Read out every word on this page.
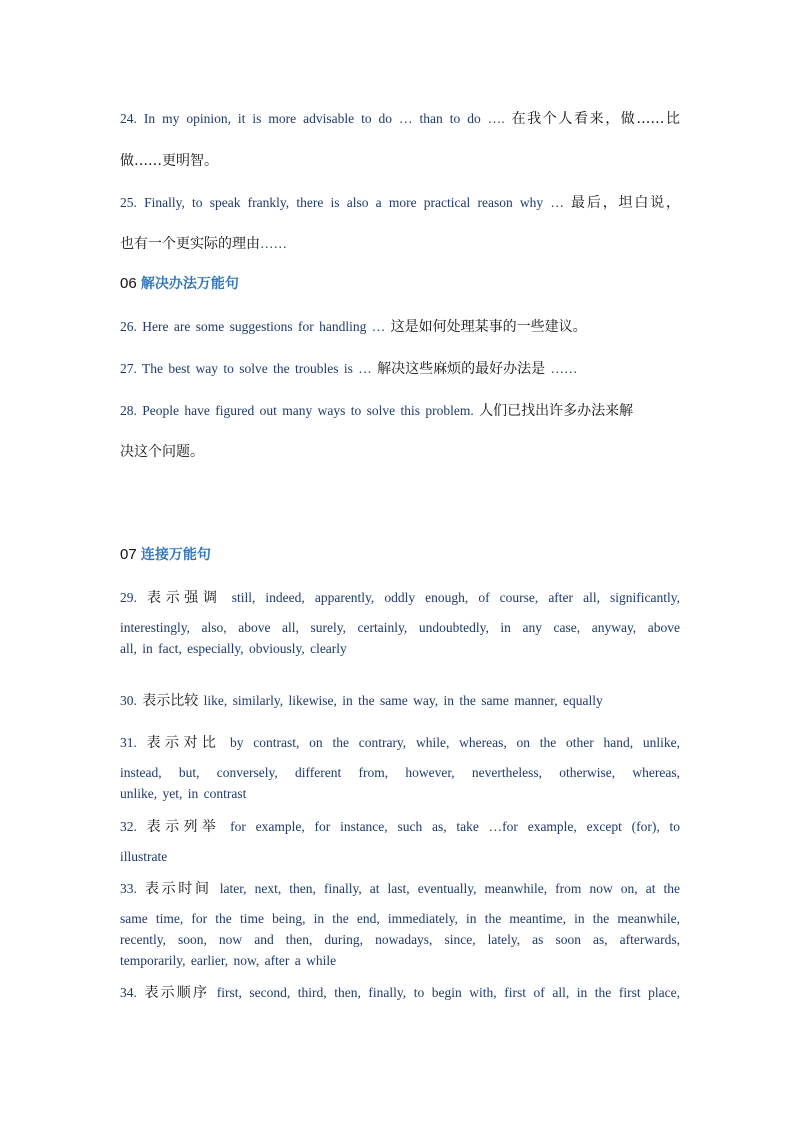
24. In my opinion, it is more advisable to do … than to do …. 在我个人看来，做……比
做……更明智。
25. Finally, to speak frankly, there is also a more practical reason why … 最后，坦白说，
也有一个更实际的理由……
06 解决办法万能句
26. Here are some suggestions for handling … 这是如何处理某事的一些建议。
27. The best way to solve the troubles is … 解决这些麻烦的最好办法是 ……
28. People have figured out many ways to solve this problem. 人们已找出许多办法来解
决这个问题。
07 连接万能句
29. 表示强调 still, indeed, apparently, oddly enough, of course, after all, significantly,
interestingly, also, above all, surely, certainly, undoubtedly, in any case, anyway, above
all, in fact, especially, obviously, clearly
30. 表示比较 like, similarly, likewise, in the same way, in the same manner, equally
31. 表示对比 by contrast, on the contrary, while, whereas, on the other hand, unlike,
instead, but, conversely, different from, however, nevertheless, otherwise, whereas,
unlike, yet, in contrast
32. 表示列举 for example, for instance, such as, take …for example, except (for), to
illustrate
33. 表示时间 later, next, then, finally, at last, eventually, meanwhile, from now on, at the
same time, for the time being, in the end, immediately, in the meantime, in the meanwhile,
recently, soon, now and then, during, nowadays, since, lately, as soon as, afterwards,
temporarily, earlier, now, after a while
34. 表示顺序 first, second, third, then, finally, to begin with, first of all, in the first place,
